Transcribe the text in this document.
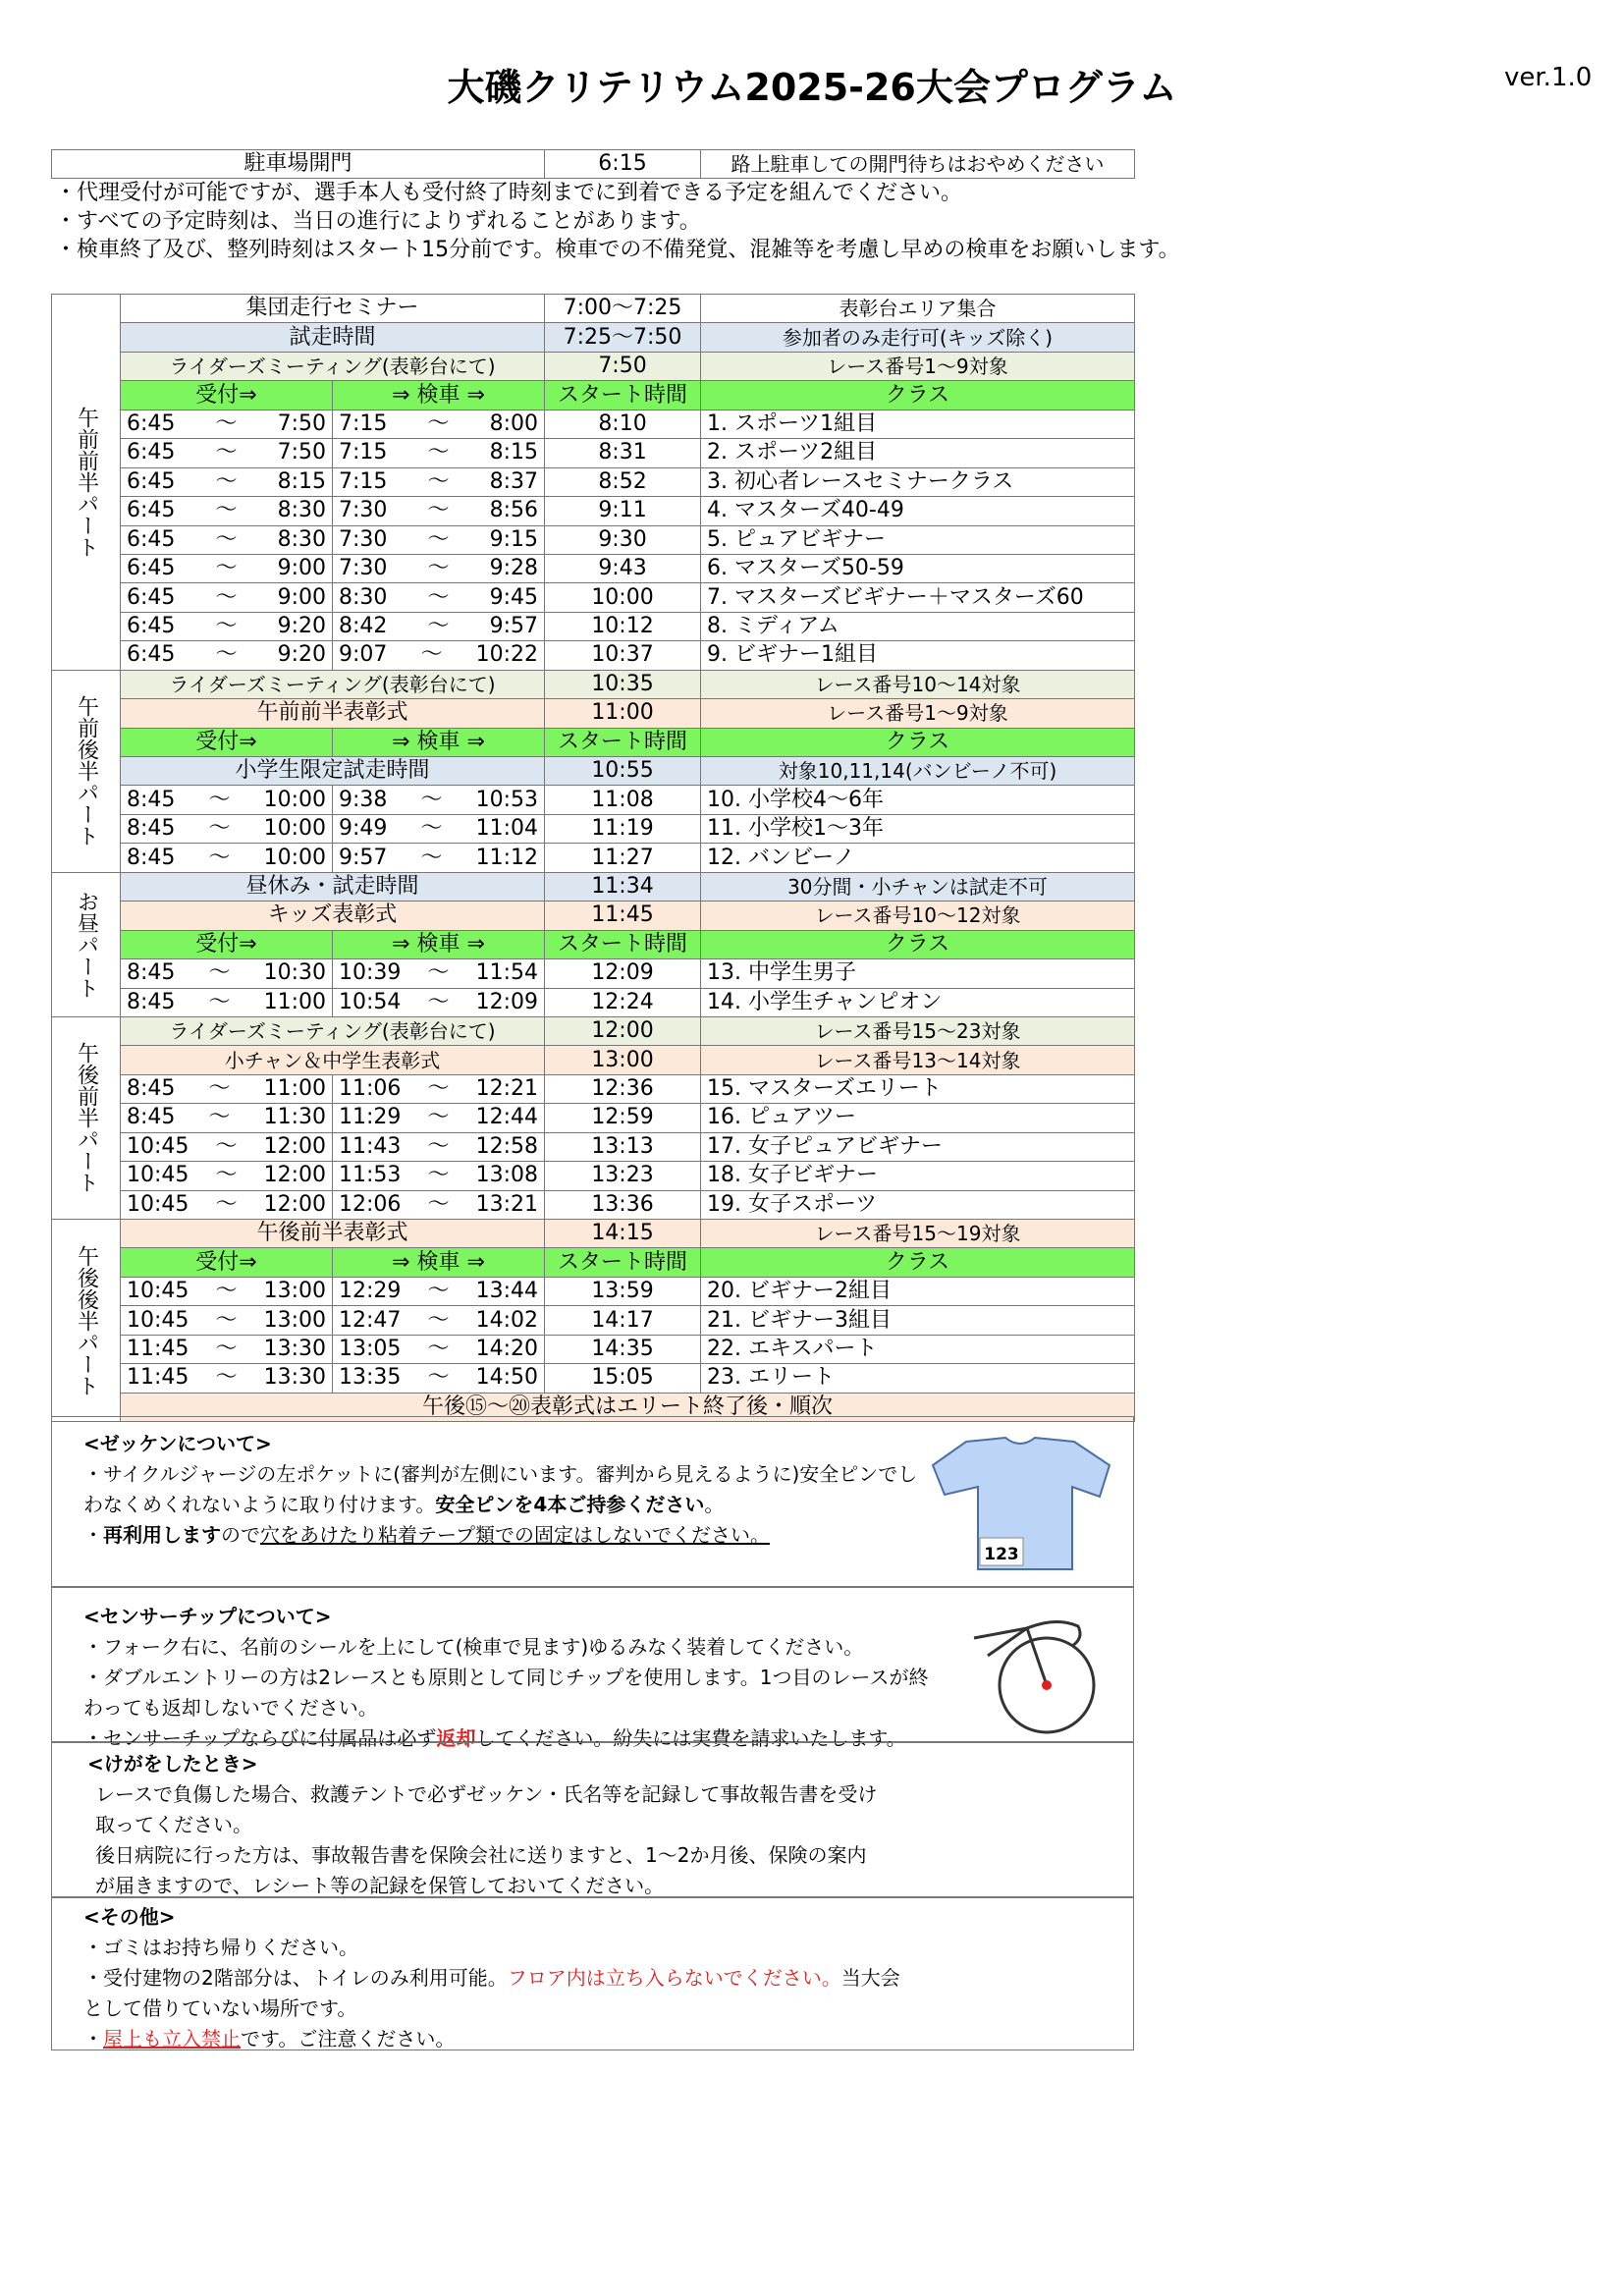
大磯クリテリウム2025-26大会プログラム	ver.1.0
駐車場開門	6:15	路上駐車しての開門待ちはおやめください
・代理受付が可能ですが、選手本人も受付終了時刻までに到着できる予定を組んでください。
・すべての予定時刻は、当日の進行によりずれることがあります。
・検車終了及び、整列時刻はスタート15分前です。検車での不備発覚、混雑等を考慮し早めの検車をお願いします。
午前前半パート	集団走行セミナー		7:00～7:25	表彰台エリア集合
	試走時間		7:25～7:50	参加者のみ走行可(キッズ除く)
	ライダーズミーティング(表彰台にて)		7:50	レース番号1～9対象
	受付⇒	⇒ 検車 ⇒	スタート時間	クラス

	6:45 ～ 7:50	7:15 ～ 8:00	8:10	1. スポーツ1組目

	6:45 ～ 7:50	7:15 ～ 8:15	8:31	2. スポーツ2組目

	6:45 ～ 8:15	7:15 ～ 8:37	8:52	3. 初心者レースセミナークラス

	6:45 ～ 8:30	7:30 ～ 8:56	9:11	4. マスターズ40-49

	6:45 ～ 8:30	7:30 ～ 9:15	9:30	5. ピュアビギナー

	6:45 ～ 9:00	7:30 ～ 9:28	9:43	6. マスターズ50-59

	6:45 ～ 9:00	8:30 ～ 9:45	10:00	7. マスターズビギナー＋マスターズ60

	6:45 ～ 9:20	8:42 ～ 9:57	10:12	8. ミディアム

	6:45 ～ 9:20	9:07 ～ 10:22	10:37	9. ビギナー1組目
午前後半パート	ライダーズミーティング(表彰台にて)		10:35	レース番号10～14対象
	午前前半表彰式		11:00	レース番号1～9対象
	受付⇒	⇒ 検車 ⇒	スタート時間	クラス
	小学生限定試走時間		10:55	対象10,11,14(バンビーノ不可)

	8:45 ～ 10:00	9:38 ～ 10:53	11:08	10. 小学校4～6年

	8:45 ～ 10:00	9:49 ～ 11:04	11:19	11. 小学校1～3年

	8:45 ～ 10:00	9:57 ～ 11:12	11:27	12. バンビーノ
お昼パート	昼休み・試走時間		11:34	30分間・小チャンは試走不可
	キッズ表彰式		11:45	レース番号10～12対象
	受付⇒	⇒ 検車 ⇒	スタート時間	クラス

	8:45 ～ 10:30	10:39 ～ 11:54	12:09	13. 中学生男子

	8:45 ～ 11:00	10:54 ～ 12:09	12:24	14. 小学生チャンピオン
午後前半パート	ライダーズミーティング(表彰台にて)		12:00	レース番号15～23対象
	小チャン＆中学生表彰式		13:00	レース番号13～14対象

	8:45 ～ 11:00	11:06 ～ 12:21	12:36	15. マスターズエリート

	8:45 ～ 11:30	11:29 ～ 12:44	12:59	16. ピュアツー

	10:45 ～ 12:00	11:43 ～ 12:58	13:13	17. 女子ピュアビギナー

	10:45 ～ 12:00	11:53 ～ 13:08	13:23	18. 女子ビギナー

	10:45 ～ 12:00	12:06 ～ 13:21	13:36	19. 女子スポーツ
午後後半パート	午後前半表彰式		14:15	レース番号15～19対象
	受付⇒	⇒ 検車 ⇒	スタート時間	クラス

	10:45 ～ 13:00	12:29 ～ 13:44	13:59	20. ビギナー2組目

	10:45 ～ 13:00	12:47 ～ 14:02	14:17	21. ビギナー3組目

	11:45 ～ 13:30	13:05 ～ 14:20	14:35	22. エキスパート

	11:45 ～ 13:30	13:35 ～ 14:50	15:05	23. エリート
	午後⑮～⑳表彰式はエリート終了後・順次			
<ゼッケンについて>
・サイクルジャージの左ポケットに(審判が左側にいます。審判から見えるように)安全ピンでし
わなくめくれないように取り付けます。安全ピンを4本ご持参ください。
・再利用しますので穴をあけたり粘着テープ類での固定はしないでください。
123
<センサーチップについて>
・フォーク右に、名前のシールを上にして(検車で見ます)ゆるみなく装着してください。
・ダブルエントリーの方は2レースとも原則として同じチップを使用します。1つ目のレースが終
わっても返却しないでください。
・センサーチップならびに付属品は必ず返却してください。紛失には実費を請求いたします。
<けがをしたとき>
レースで負傷した場合、救護テントで必ずゼッケン・氏名等を記録して事故報告書を受け
取ってください。
後日病院に行った方は、事故報告書を保険会社に送りますと、1～2か月後、保険の案内
が届きますので、レシート等の記録を保管しておいてください。
<その他>
・ゴミはお持ち帰りください。
・受付建物の2階部分は、トイレのみ利用可能。フロア内は立ち入らないでください。当大会
として借りていない場所です。
・屋上も立入禁止です。ご注意ください。
